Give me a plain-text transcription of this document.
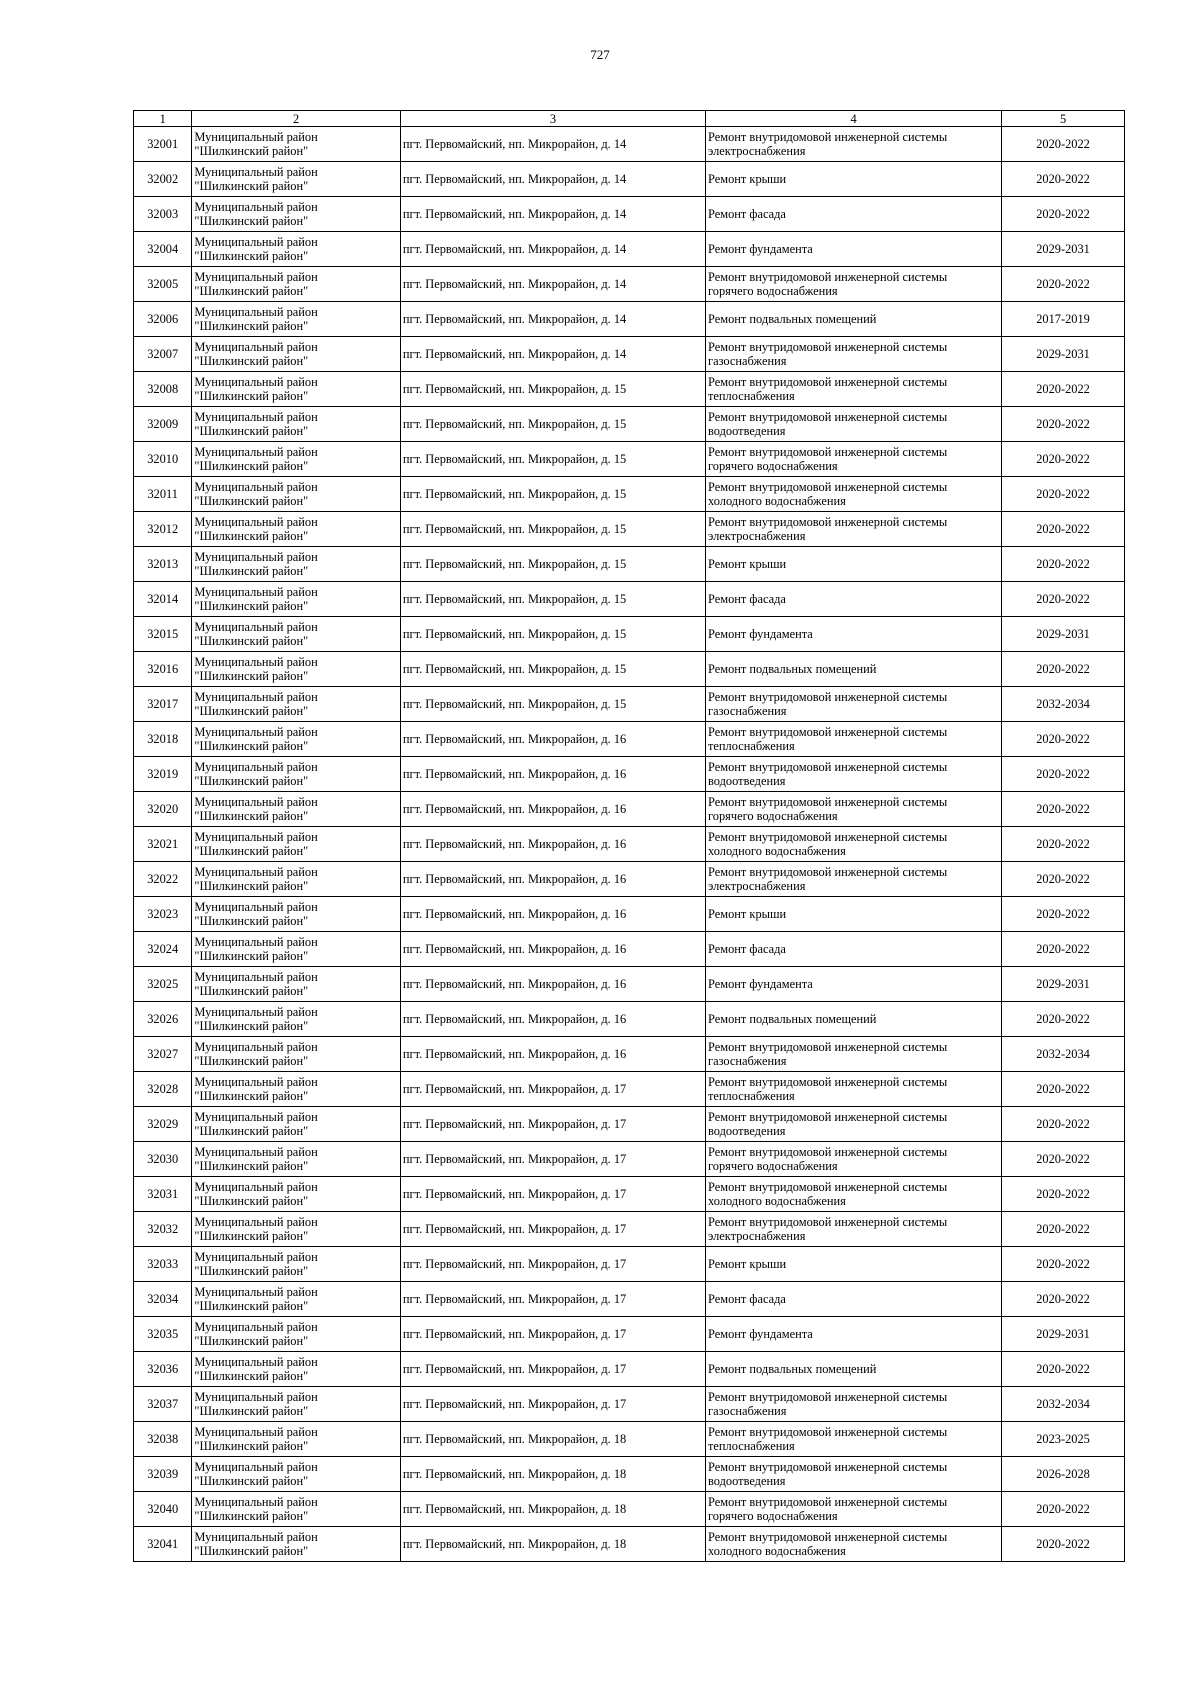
727
1	2	3	4	5
32001	Муниципальный район
"Шилкинский район"	пгт. Первомайский, нп. Микрорайон, д. 14	Ремонт внутридомовой инженерной системы
электроснабжения	2020-2022
32002	Муниципальный район
"Шилкинский район"	пгт. Первомайский, нп. Микрорайон, д. 14	Ремонт крыши	2020-2022
32003	Муниципальный район
"Шилкинский район"	пгт. Первомайский, нп. Микрорайон, д. 14	Ремонт фасада	2020-2022
32004	Муниципальный район
"Шилкинский район"	пгт. Первомайский, нп. Микрорайон, д. 14	Ремонт фундамента	2029-2031
32005	Муниципальный район
"Шилкинский район"	пгт. Первомайский, нп. Микрорайон, д. 14	Ремонт внутридомовой инженерной системы
горячего водоснабжения	2020-2022
32006	Муниципальный район
"Шилкинский район"	пгт. Первомайский, нп. Микрорайон, д. 14	Ремонт подвальных помещений	2017-2019
32007	Муниципальный район
"Шилкинский район"	пгт. Первомайский, нп. Микрорайон, д. 14	Ремонт внутридомовой инженерной системы
газоснабжения	2029-2031
32008	Муниципальный район
"Шилкинский район"	пгт. Первомайский, нп. Микрорайон, д. 15	Ремонт внутридомовой инженерной системы
теплоснабжения	2020-2022
32009	Муниципальный район
"Шилкинский район"	пгт. Первомайский, нп. Микрорайон, д. 15	Ремонт внутридомовой инженерной системы
водоотведения	2020-2022
32010	Муниципальный район
"Шилкинский район"	пгт. Первомайский, нп. Микрорайон, д. 15	Ремонт внутридомовой инженерной системы
горячего водоснабжения	2020-2022
32011	Муниципальный район
"Шилкинский район"	пгт. Первомайский, нп. Микрорайон, д. 15	Ремонт внутридомовой инженерной системы
холодного водоснабжения	2020-2022
32012	Муниципальный район
"Шилкинский район"	пгт. Первомайский, нп. Микрорайон, д. 15	Ремонт внутридомовой инженерной системы
электроснабжения	2020-2022
32013	Муниципальный район
"Шилкинский район"	пгт. Первомайский, нп. Микрорайон, д. 15	Ремонт крыши	2020-2022
32014	Муниципальный район
"Шилкинский район"	пгт. Первомайский, нп. Микрорайон, д. 15	Ремонт фасада	2020-2022
32015	Муниципальный район
"Шилкинский район"	пгт. Первомайский, нп. Микрорайон, д. 15	Ремонт фундамента	2029-2031
32016	Муниципальный район
"Шилкинский район"	пгт. Первомайский, нп. Микрорайон, д. 15	Ремонт подвальных помещений	2020-2022
32017	Муниципальный район
"Шилкинский район"	пгт. Первомайский, нп. Микрорайон, д. 15	Ремонт внутридомовой инженерной системы
газоснабжения	2032-2034
32018	Муниципальный район
"Шилкинский район"	пгт. Первомайский, нп. Микрорайон, д. 16	Ремонт внутридомовой инженерной системы
теплоснабжения	2020-2022
32019	Муниципальный район
"Шилкинский район"	пгт. Первомайский, нп. Микрорайон, д. 16	Ремонт внутридомовой инженерной системы
водоотведения	2020-2022
32020	Муниципальный район
"Шилкинский район"	пгт. Первомайский, нп. Микрорайон, д. 16	Ремонт внутридомовой инженерной системы
горячего водоснабжения	2020-2022
32021	Муниципальный район
"Шилкинский район"	пгт. Первомайский, нп. Микрорайон, д. 16	Ремонт внутридомовой инженерной системы
холодного водоснабжения	2020-2022
32022	Муниципальный район
"Шилкинский район"	пгт. Первомайский, нп. Микрорайон, д. 16	Ремонт внутридомовой инженерной системы
электроснабжения	2020-2022
32023	Муниципальный район
"Шилкинский район"	пгт. Первомайский, нп. Микрорайон, д. 16	Ремонт крыши	2020-2022
32024	Муниципальный район
"Шилкинский район"	пгт. Первомайский, нп. Микрорайон, д. 16	Ремонт фасада	2020-2022
32025	Муниципальный район
"Шилкинский район"	пгт. Первомайский, нп. Микрорайон, д. 16	Ремонт фундамента	2029-2031
32026	Муниципальный район
"Шилкинский район"	пгт. Первомайский, нп. Микрорайон, д. 16	Ремонт подвальных помещений	2020-2022
32027	Муниципальный район
"Шилкинский район"	пгт. Первомайский, нп. Микрорайон, д. 16	Ремонт внутридомовой инженерной системы
газоснабжения	2032-2034
32028	Муниципальный район
"Шилкинский район"	пгт. Первомайский, нп. Микрорайон, д. 17	Ремонт внутридомовой инженерной системы
теплоснабжения	2020-2022
32029	Муниципальный район
"Шилкинский район"	пгт. Первомайский, нп. Микрорайон, д. 17	Ремонт внутридомовой инженерной системы
водоотведения	2020-2022
32030	Муниципальный район
"Шилкинский район"	пгт. Первомайский, нп. Микрорайон, д. 17	Ремонт внутридомовой инженерной системы
горячего водоснабжения	2020-2022
32031	Муниципальный район
"Шилкинский район"	пгт. Первомайский, нп. Микрорайон, д. 17	Ремонт внутридомовой инженерной системы
холодного водоснабжения	2020-2022
32032	Муниципальный район
"Шилкинский район"	пгт. Первомайский, нп. Микрорайон, д. 17	Ремонт внутридомовой инженерной системы
электроснабжения	2020-2022
32033	Муниципальный район
"Шилкинский район"	пгт. Первомайский, нп. Микрорайон, д. 17	Ремонт крыши	2020-2022
32034	Муниципальный район
"Шилкинский район"	пгт. Первомайский, нп. Микрорайон, д. 17	Ремонт фасада	2020-2022
32035	Муниципальный район
"Шилкинский район"	пгт. Первомайский, нп. Микрорайон, д. 17	Ремонт фундамента	2029-2031
32036	Муниципальный район
"Шилкинский район"	пгт. Первомайский, нп. Микрорайон, д. 17	Ремонт подвальных помещений	2020-2022
32037	Муниципальный район
"Шилкинский район"	пгт. Первомайский, нп. Микрорайон, д. 17	Ремонт внутридомовой инженерной системы
газоснабжения	2032-2034
32038	Муниципальный район
"Шилкинский район"	пгт. Первомайский, нп. Микрорайон, д. 18	Ремонт внутридомовой инженерной системы
теплоснабжения	2023-2025
32039	Муниципальный район
"Шилкинский район"	пгт. Первомайский, нп. Микрорайон, д. 18	Ремонт внутридомовой инженерной системы
водоотведения	2026-2028
32040	Муниципальный район
"Шилкинский район"	пгт. Первомайский, нп. Микрорайон, д. 18	Ремонт внутридомовой инженерной системы
горячего водоснабжения	2020-2022
32041	Муниципальный район
"Шилкинский район"	пгт. Первомайский, нп. Микрорайон, д. 18	Ремонт внутридомовой инженерной системы
холодного водоснабжения	2020-2022
